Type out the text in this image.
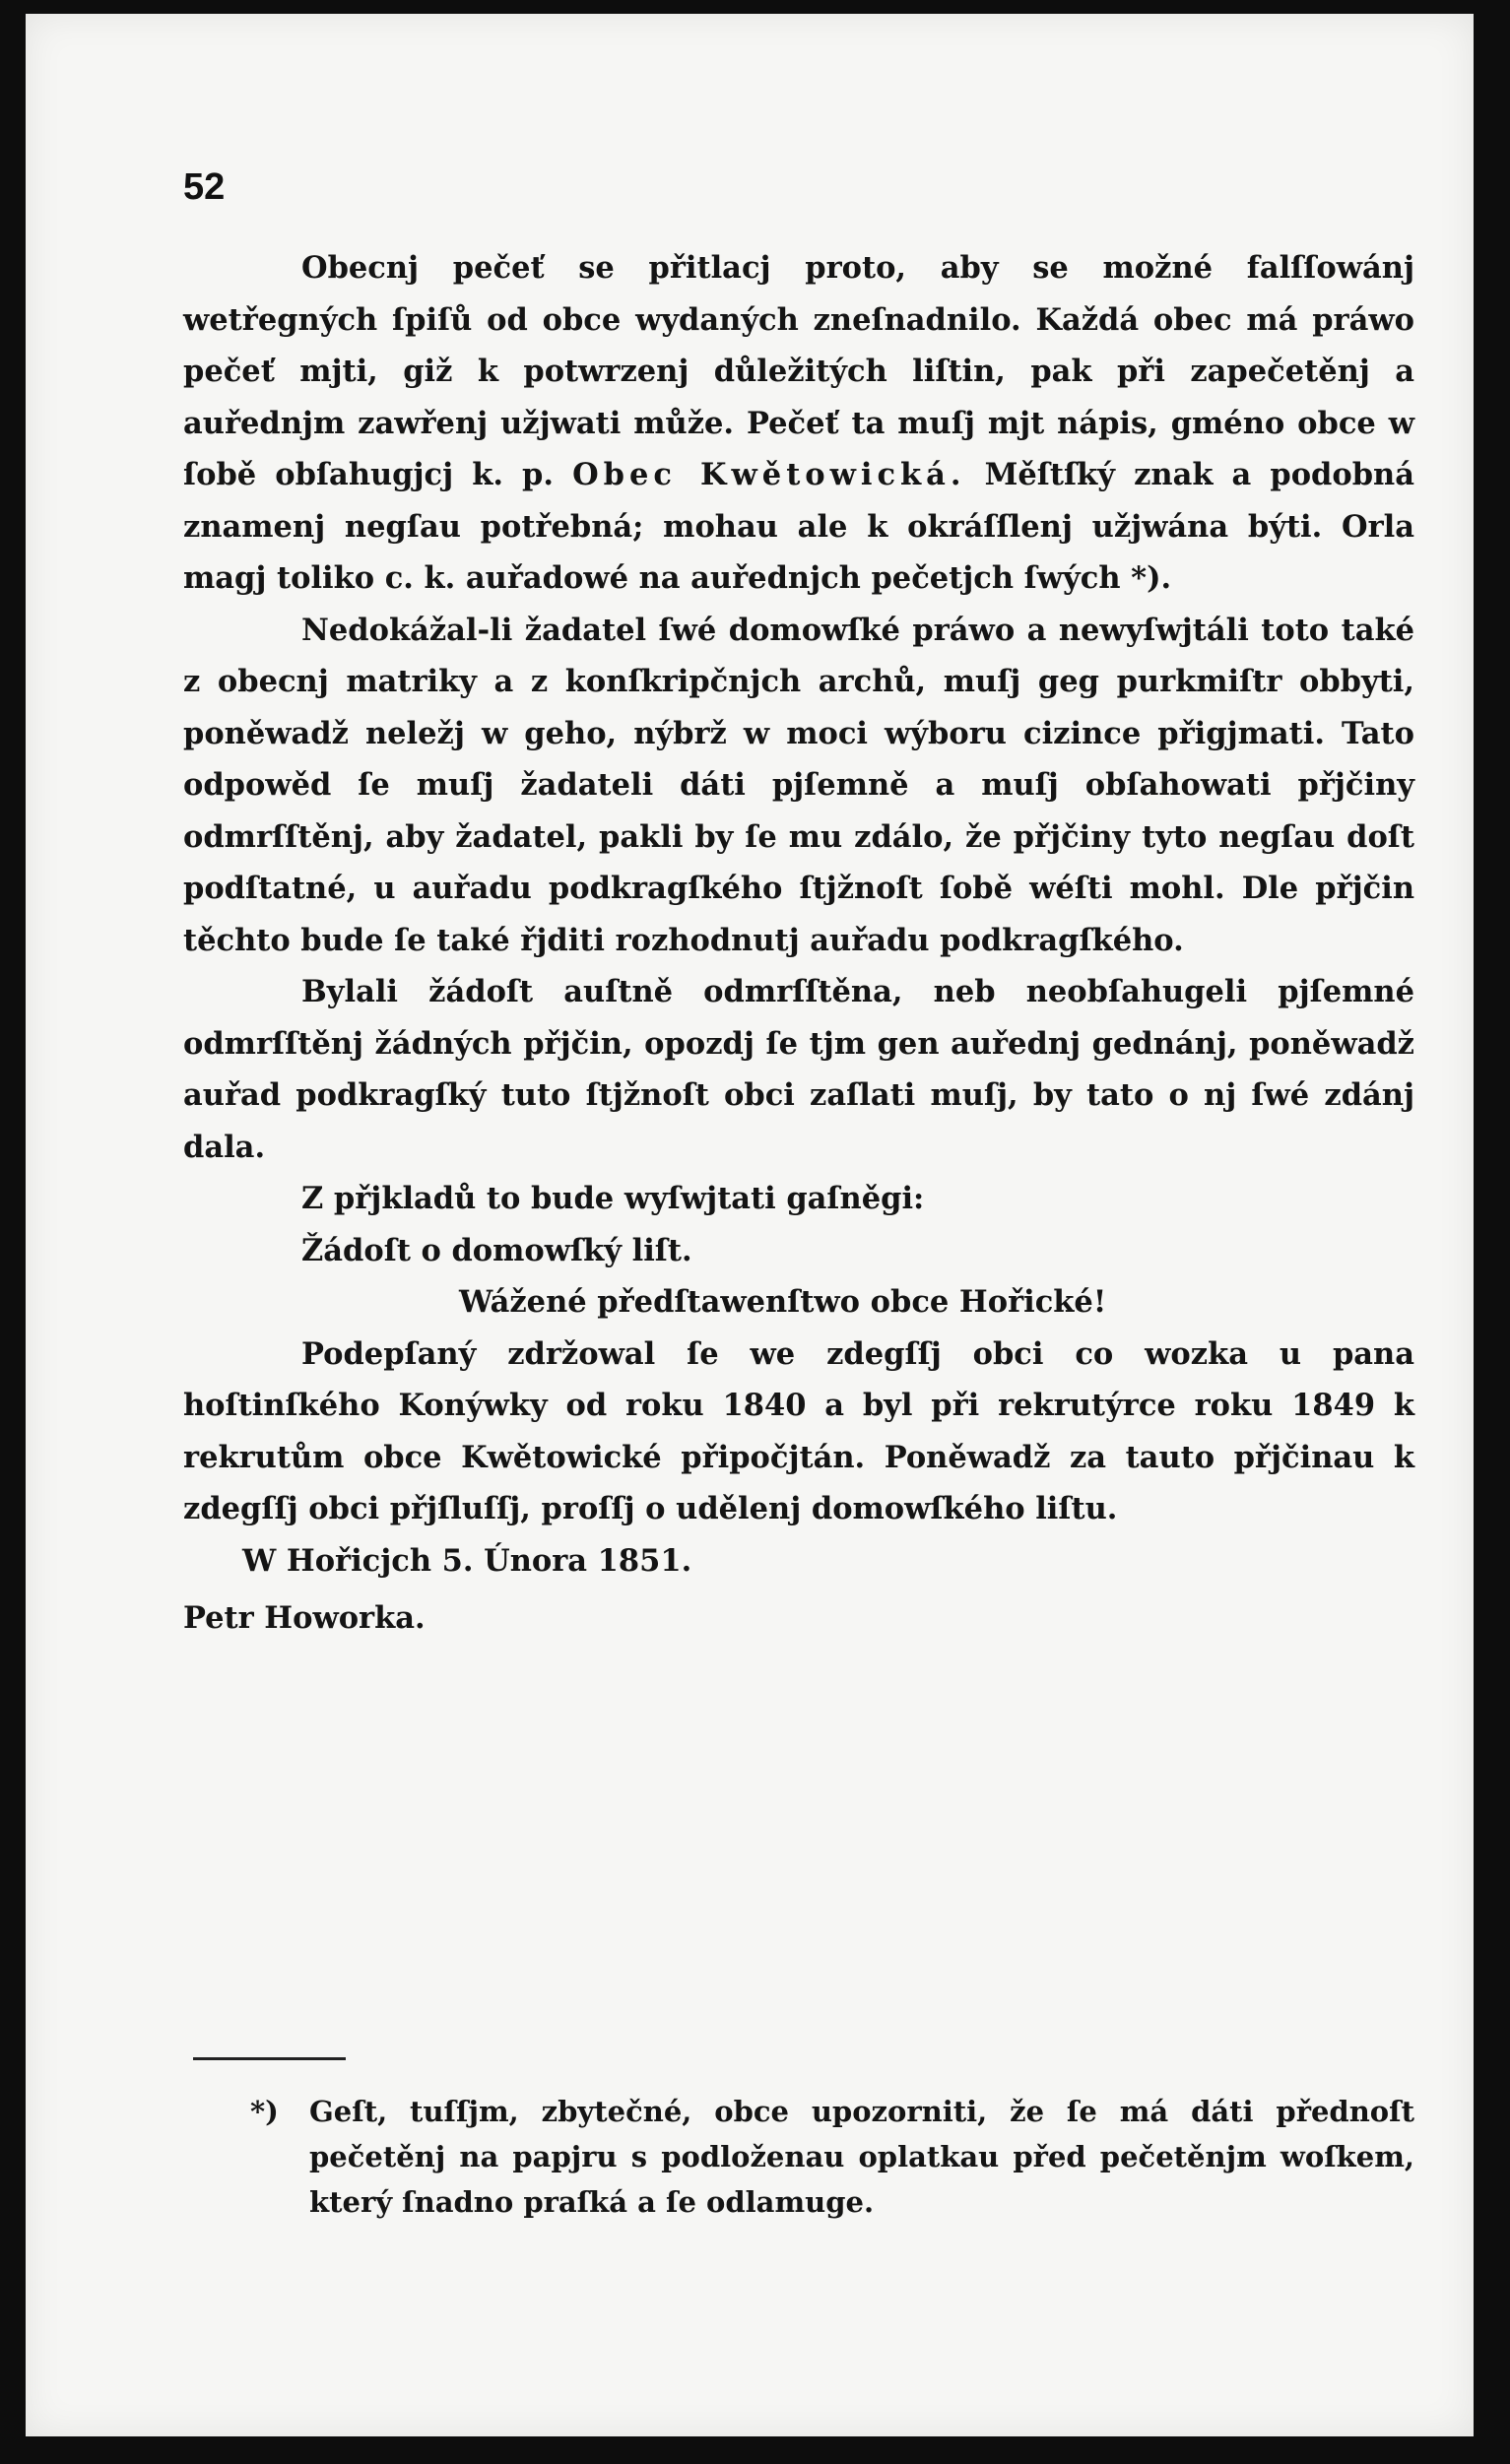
52

Obecnj pečeť se přitlacj proto, aby se možné falſſowánj wetřegných ſpiſů od obce wydaných zneſnadnilo. Každá obec má práwo pečeť mjti, giž k potwrzenj důležitých liſtin, pak při zapečetěnj a auřednjm zawřenj užjwati může. Pečeť ta muſj mjt nápis, gméno obce w ſobě obſahugjcj k. p. Obec Kwětowická. Měſtſký znak a podobná znamenj negſau potřebná; mohau ale k okráſſlenj užjwána býti. Orla magj toliko c. k. auřadowé na auřednjch pečetjch ſwých *).

Nedokážal-li žadatel ſwé domowſké práwo a newyſwjtáli toto také z obecnj matriky a z konſkripčnjch archů, muſj geg purkmiſtr obbyti, poněwadž neležj w geho, nýbrž w moci wýboru cizince přigjmati. Tato odpowěd ſe muſj žadateli dáti pjſemně a muſj obſahowati přjčiny odmrſſtěnj, aby žadatel, pakli by ſe mu zdálo, že přjčiny tyto negſau doſt podſtatné, u auřadu podkragſkého ſtjžnoſt ſobě wéſti mohl. Dle přjčin těchto bude ſe také řjditi rozhodnutj auřadu podkragſkého.

Bylali žádoſt auſtně odmrſſtěna, neb neobſahugeli pjſemné odmrſſtěnj žádných přjčin, opozdj ſe tjm gen auřednj gednánj, poněwadž auřad podkragſký tuto ſtjžnoſt obci zaſlati muſj, by tato o nj ſwé zdánj dala.

Z přjkladů to bude wyſwjtati gaſněgi:

Žádoſt o domowſký liſt.

Wážené předſtawenſtwo obce Hořické!

Podepſaný zdržowal ſe we zdegſſj obci co wozka u pana hoſtinſkého Konýwky od roku 1840 a byl při rekrutýrce roku 1849 k rekrutům obce Kwětowické připočjtán. Poněwadž za tauto přjčinau k zdegſſj obci přjſluſſj, proſſj o udělenj domowſkého liſtu.

W Hořicjch 5. Února 1851.

Petr Howorka.

*)	Geſt, tuſſjm, zbytečné, obce upozorniti, že ſe má dáti přednoſt pečetěnj na papjru s podloženau oplatkau před pečetěnjm woſkem, který ſnadno praſká a ſe odlamuge.
